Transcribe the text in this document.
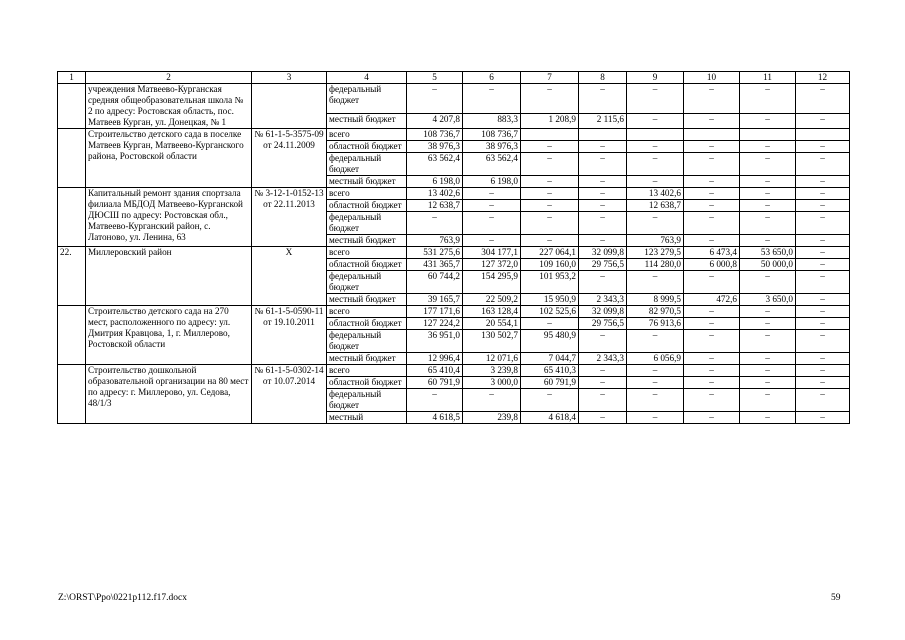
1	2	3	4	5	6	7	8	9	10	11	12
	учреждения Матвеево-Курганская средняя общеобразовательная школа № 2 по адресу: Ростовская область, пос. Матвеев Курган, ул. Донецкая, № 1		федеральный бюджет	–	–	–	–	–	–	–	–
			местный бюджет	4 207,8	883,3	1 208,9	2 115,6	–	–	–	–
	Строительство детского сада в поселке Матвеев Курган, Матвеево-Курганского района, Ростовской области	№ 61-1-5-3575-09 от 24.11.2009	всего	108 736,7	108 736,7						
			областной бюджет	38 976,3	38 976,3	–	–	–	–	–	–
			федеральный бюджет	63 562,4	63 562,4	–	–	–	–	–	–
			местный бюджет	6 198,0	6 198,0	–	–	–	–	–	–
	Капитальный ремонт здания спортзала филиала МБДОД Матвеево-Курганской ДЮСШ по адресу: Ростовская обл., Матвеево-Курганский район, с. Латоново, ул. Ленина, 63	№ 3-12-1-0152-13 от 22.11.2013	всего	13 402,6	–	–	–	13 402,6	–	–	–
			областной бюджет	12 638,7	–	–	–	12 638,7	–	–	–
			федеральный бюджет	–	–	–	–	–	–	–	–
			местный бюджет	763,9	–	–	–	763,9	–	–	–
22.	Миллеровский район	Х	всего	531 275,6	304 177,1	227 064,1	32 099,8	123 279,5	6 473,4	53 650,0	–
			областной бюджет	431 365,7	127 372,0	109 160,0	29 756,5	114 280,0	6 000,8	50 000,0	–
			федеральный бюджет	60 744,2	154 295,9	101 953,2	–	–	–	–	–
			местный бюджет	39 165,7	22 509,2	15 950,9	2 343,3	8 999,5	472,6	3 650,0	–
	Строительство детского сада на 270 мест, расположенного по адресу: ул. Дмитрия Кравцова, 1, г. Миллерово, Ростовской области	№ 61-1-5-0590-11 от 19.10.2011	всего	177 171,6	163 128,4	102 525,6	32 099,8	82 970,5	–	–	–
			областной бюджет	127 224,2	20 554,1	–	29 756,5	76 913,6	–	–	–
			федеральный бюджет	36 951,0	130 502,7	95 480,9	–	–	–	–	–
			местный бюджет	12 996,4	12 071,6	7 044,7	2 343,3	6 056,9	–	–	–
	Строительство дошкольной образовательной организации на 80 мест по адресу: г. Миллерово, ул. Седова, 48/1/3	№ 61-1-5-0302-14 от 10.07.2014	всего	65 410,4	3 239,8	65 410,3	–	–	–	–	–
			областной бюджет	60 791,9	3 000,0	60 791,9	–	–	–	–	–
			федеральный бюджет	–	–	–	–	–	–	–	–
			местный	4 618,5	239,8	4 618,4	–	–	–	–	–
Z:\ORST\Ppo\0221p112.f17.docx	59
